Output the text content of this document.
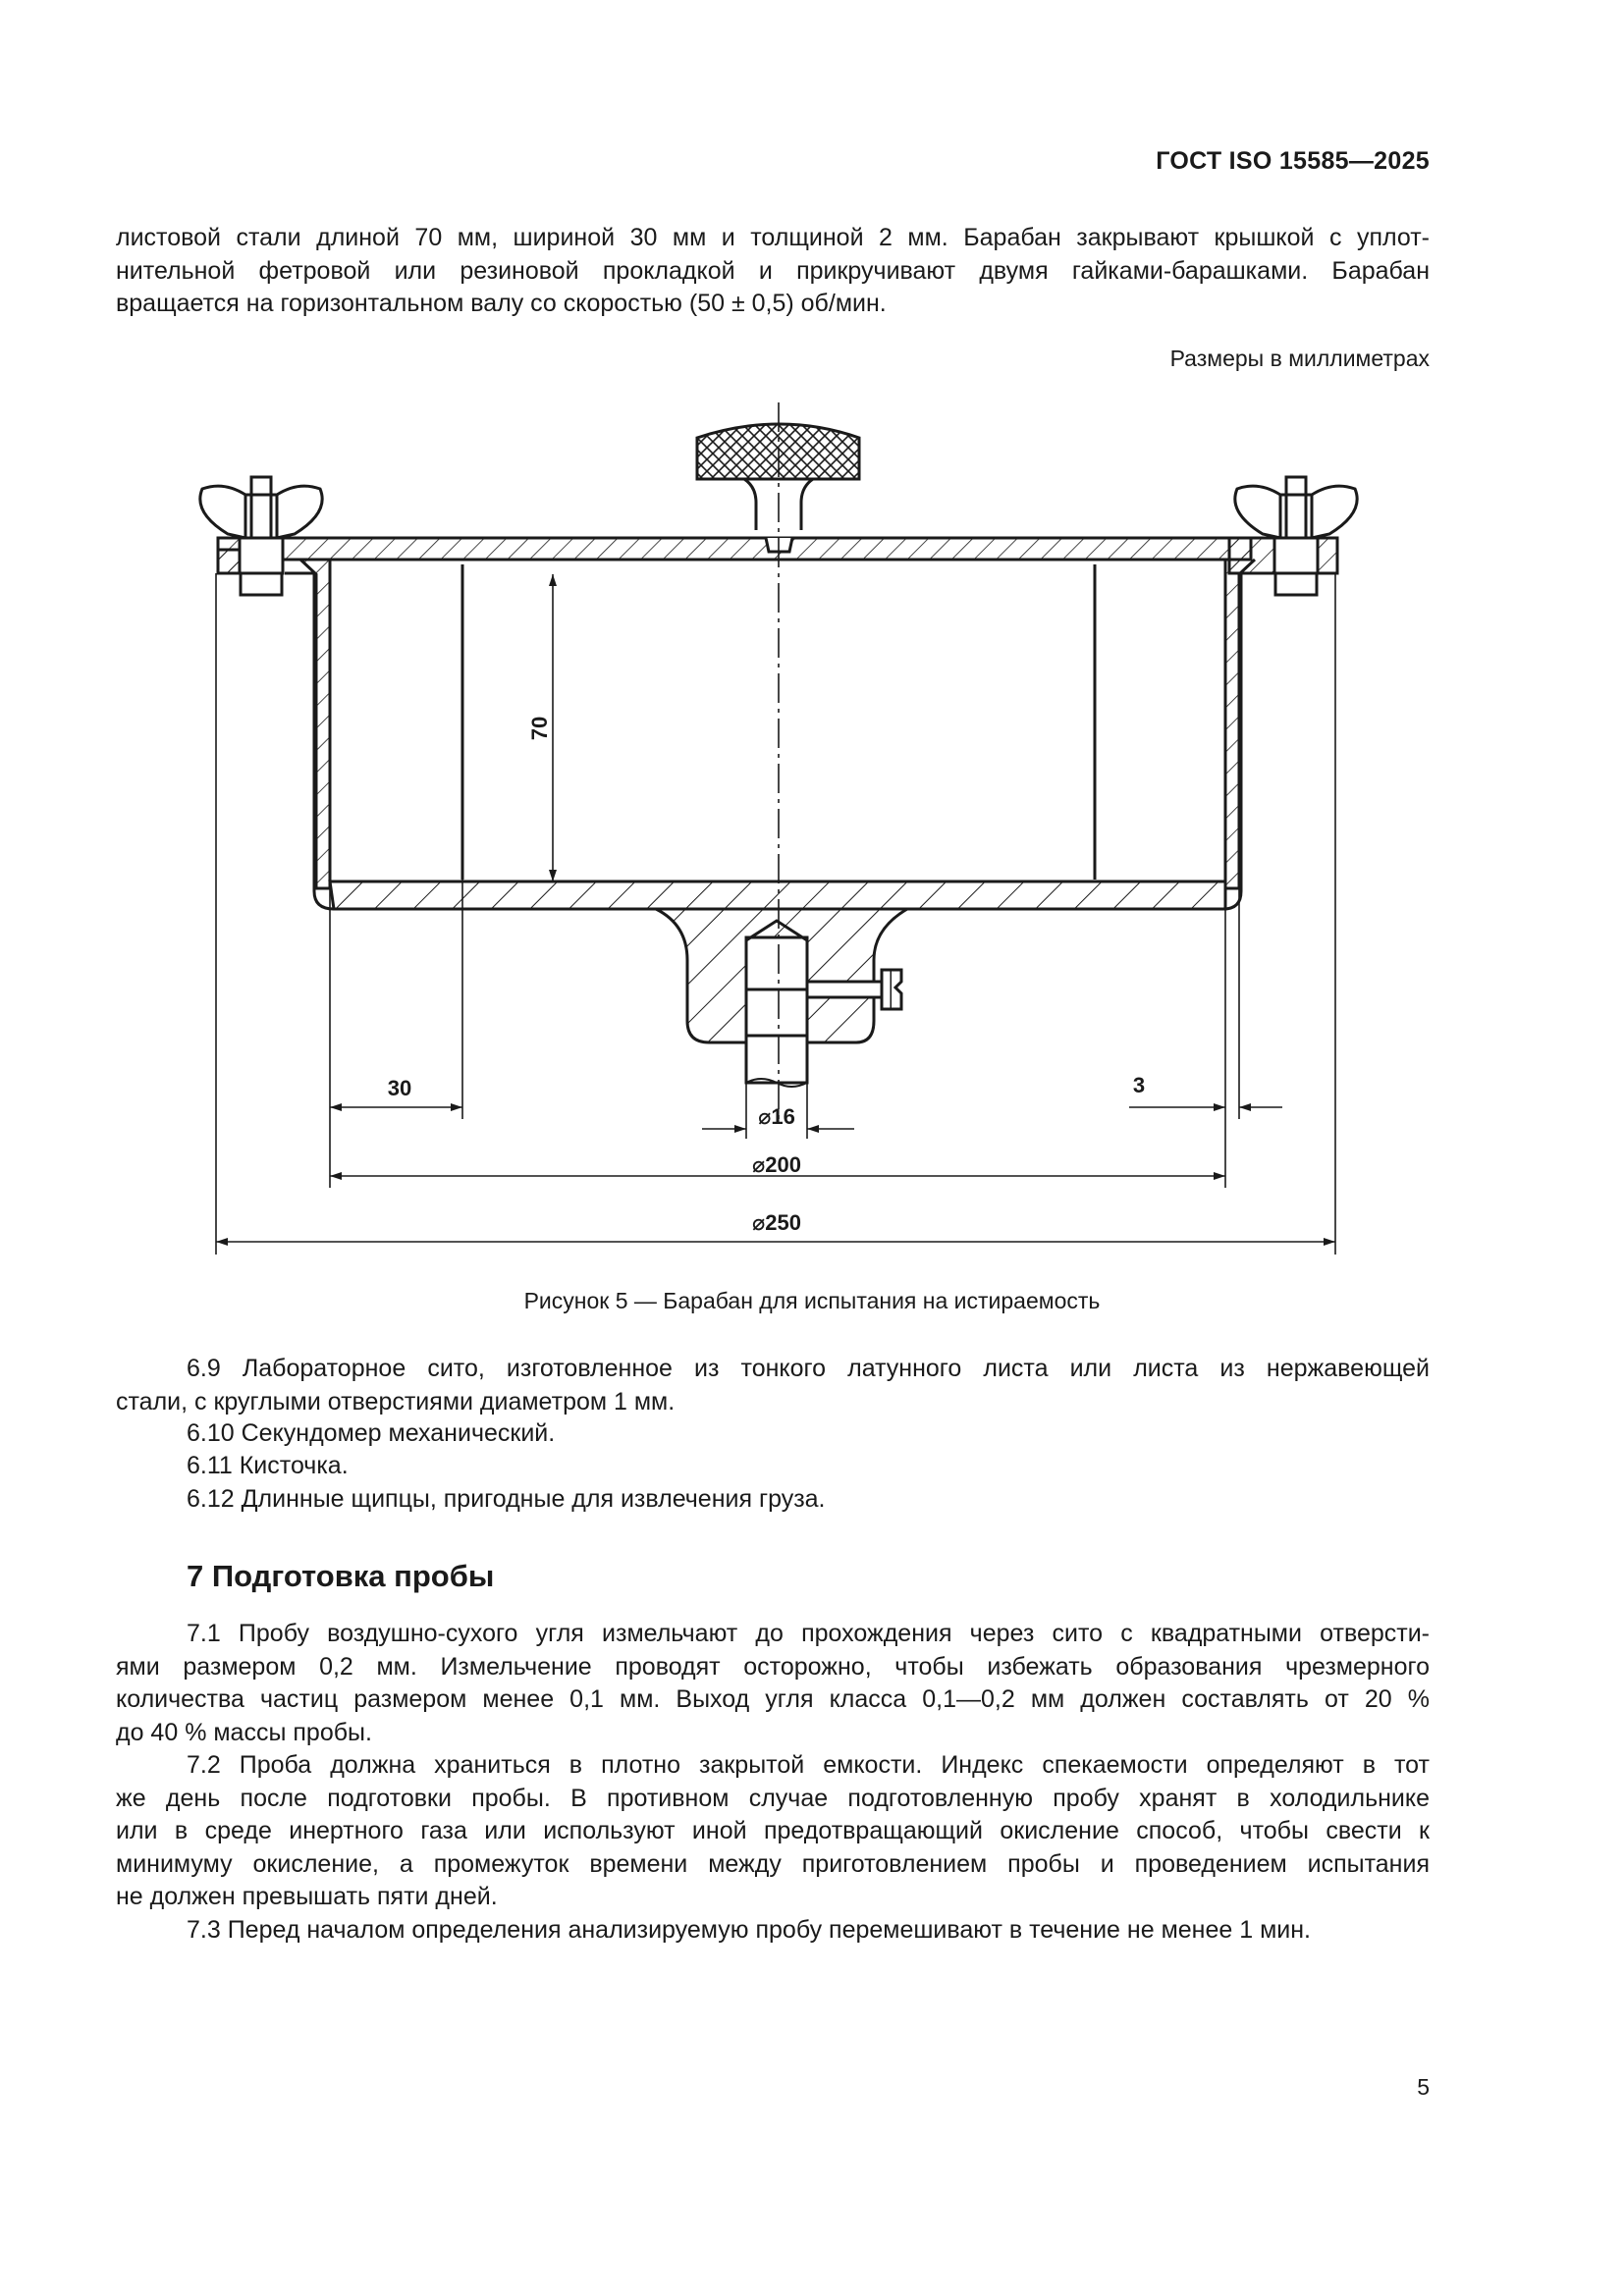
ГОСТ ISO 15585—2025

листовой стали длиной 70 мм, шириной 30 мм и толщиной 2 мм. Барабан закрывают крышкой с уплот-
нительной фетровой или резиновой прокладкой и прикручивают двумя гайками-барашками. Барабан
вращается на горизонтальном валу со скоростью (50 ± 0,5) об/мин.

Размеры в миллиметрах
70
30	3
⌀16
⌀200
⌀250
Рисунок 5 — Барабан для испытания на истираемость

6.9 Лабораторное сито, изготовленное из тонкого латунного листа или листа из нержавеющей
стали, с круглыми отверстиями диаметром 1 мм.

6.10 Секундомер механический.
6.11 Кисточка.
6.12 Длинные щипцы, пригодные для извлечения груза.
7 Подготовка пробы

7.1 Пробу воздушно-сухого угля измельчают до прохождения через сито с квадратными отверсти-
ями размером 0,2 мм. Измельчение проводят осторожно, чтобы избежать образования чрезмерного
количества частиц размером менее 0,1 мм. Выход угля класса 0,1—0,2 мм должен составлять от 20 %
до 40 % массы пробы.

7.2 Проба должна храниться в плотно закрытой емкости. Индекс спекаемости определяют в тот
же день после подготовки пробы. В противном случае подготовленную пробу хранят в холодильнике
или в среде инертного газа или используют иной предотвращающий окисление способ, чтобы свести к
минимуму окисление, а промежуток времени между приготовлением пробы и проведением испытания
не должен превышать пяти дней.

7.3 Перед началом определения анализируемую пробу перемешивают в течение не менее 1 мин.

5
